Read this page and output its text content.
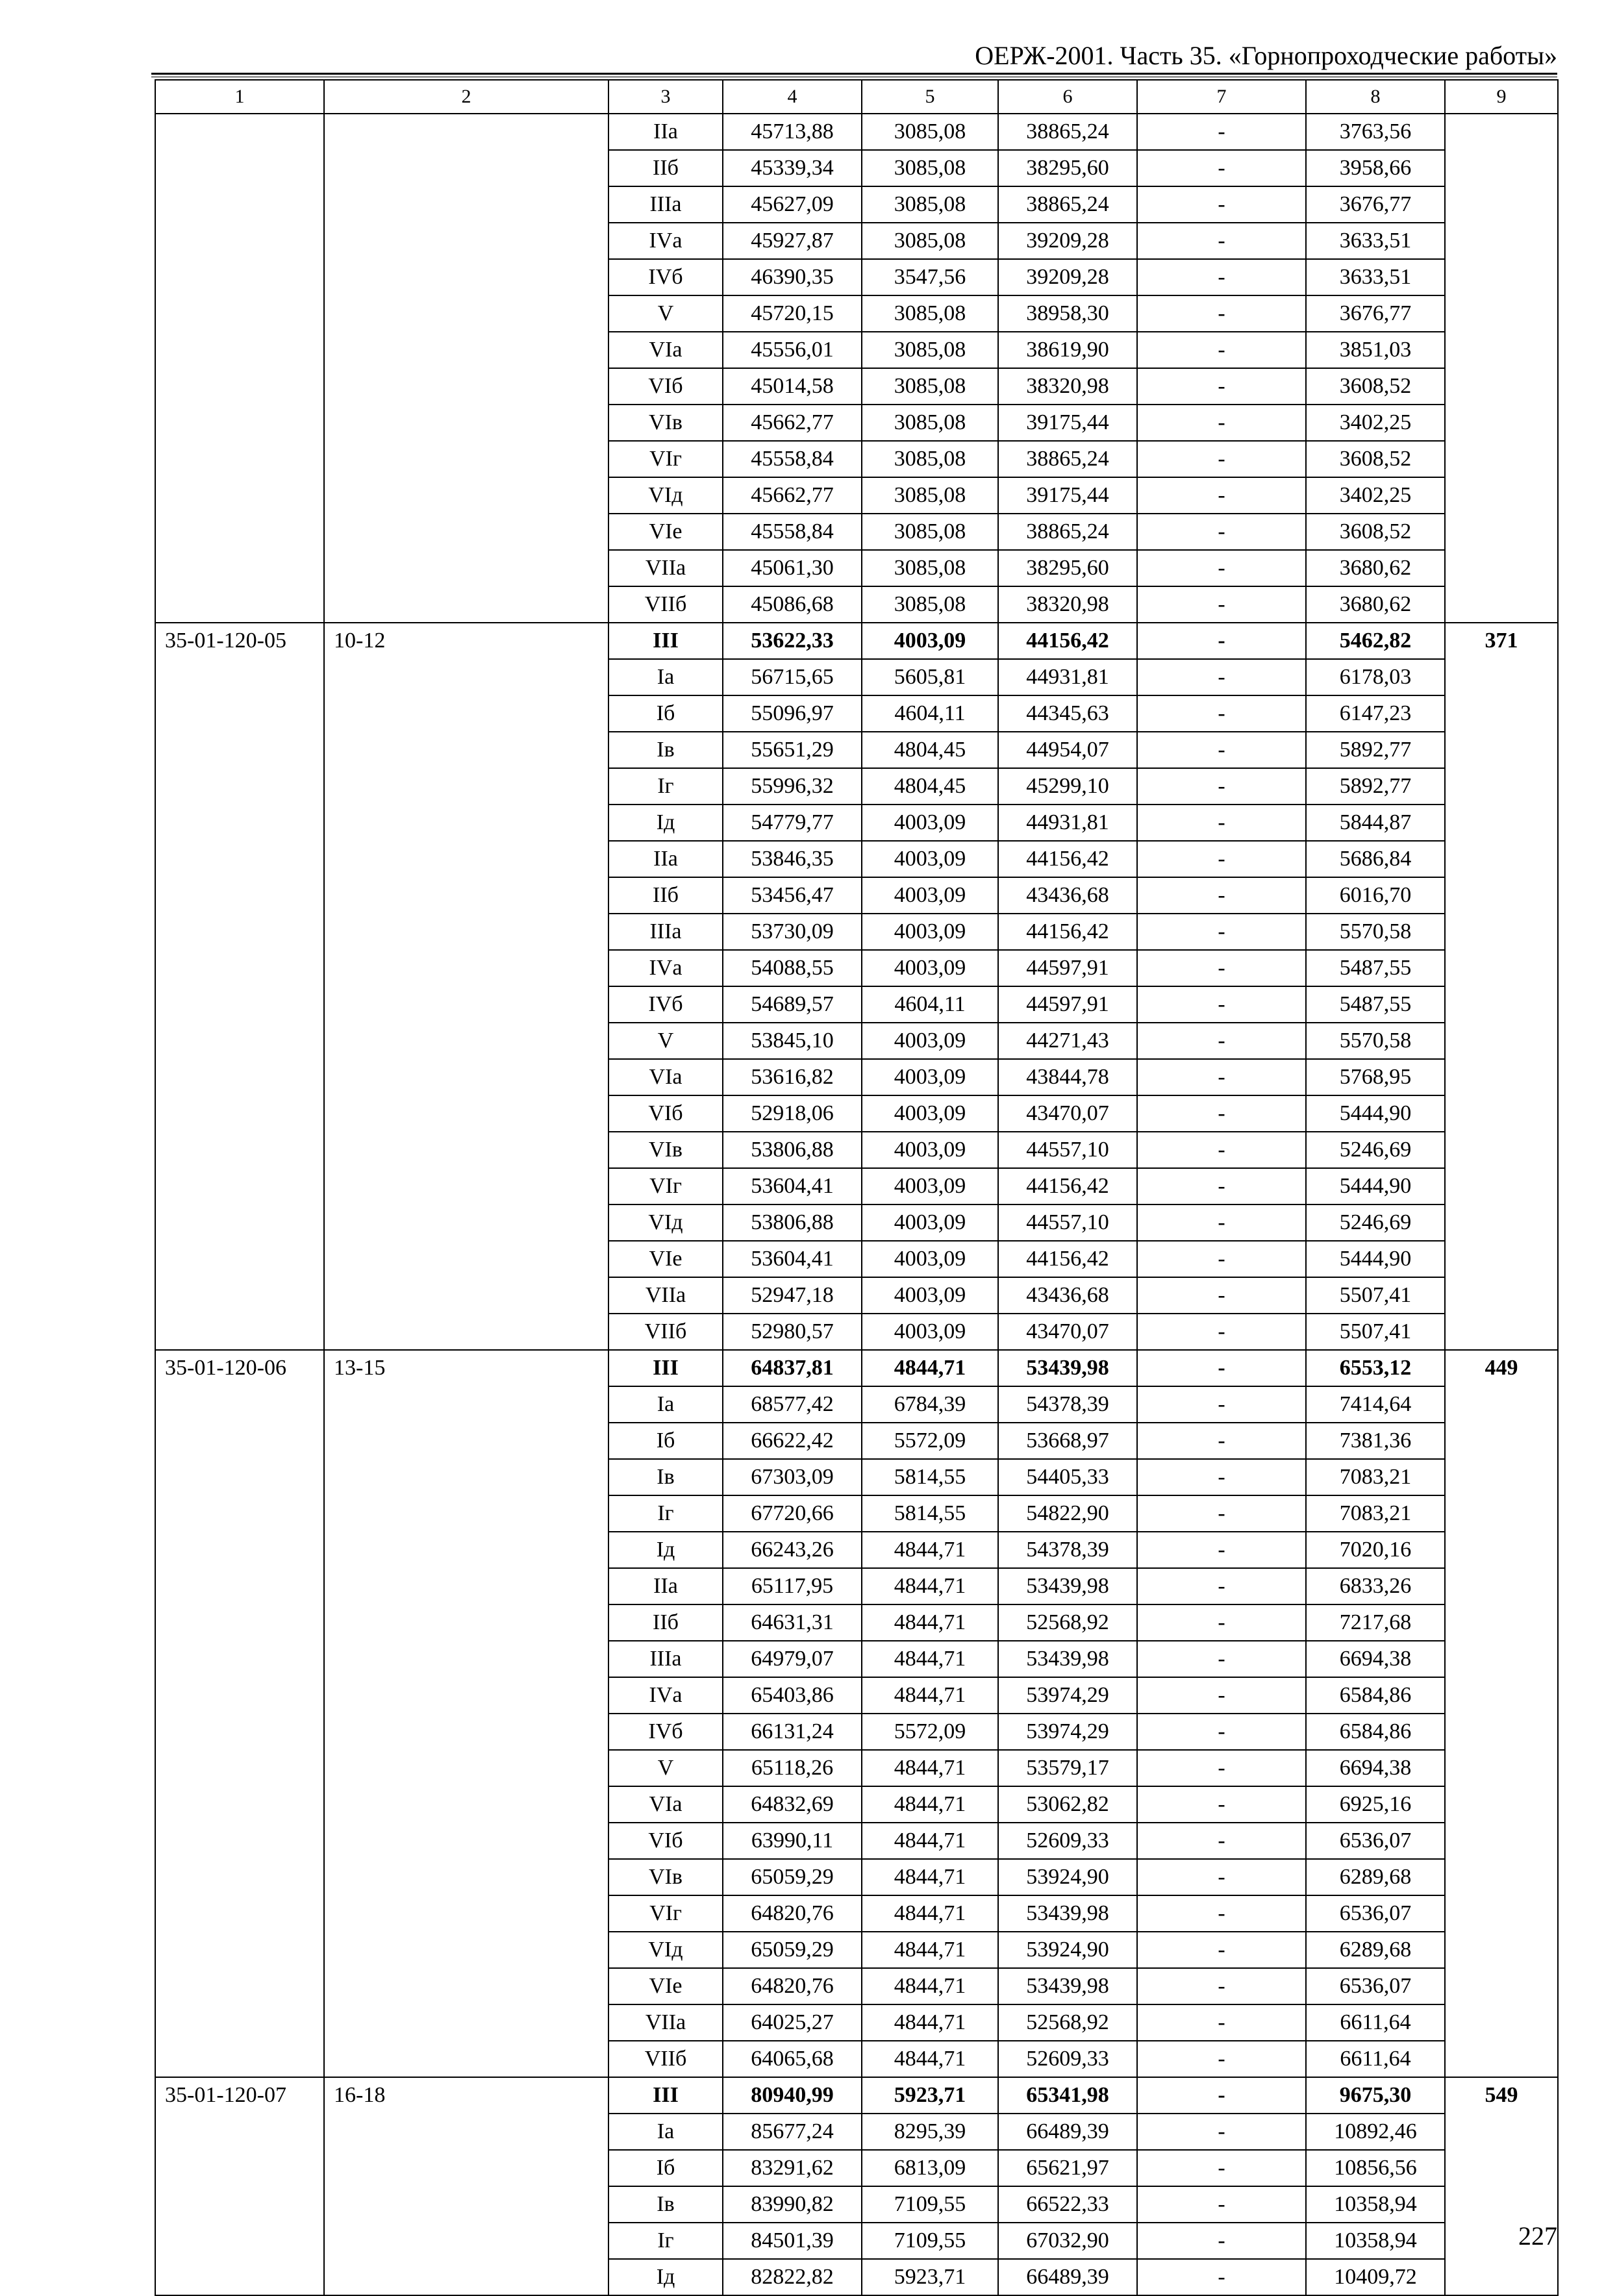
ОЕРЖ-2001. Часть 35. «Горнопроходческие работы»
1	2	3	4	5	6	7	8	9
		IIа	45713,88	3085,08	38865,24	-	3763,56	
		IIб	45339,34	3085,08	38295,60	-	3958,66	
		IIIа	45627,09	3085,08	38865,24	-	3676,77	
		IVа	45927,87	3085,08	39209,28	-	3633,51	
		IVб	46390,35	3547,56	39209,28	-	3633,51	
		V	45720,15	3085,08	38958,30	-	3676,77	
		VIа	45556,01	3085,08	38619,90	-	3851,03	
		VIб	45014,58	3085,08	38320,98	-	3608,52	
		VIв	45662,77	3085,08	39175,44	-	3402,25	
		VIг	45558,84	3085,08	38865,24	-	3608,52	
		VIд	45662,77	3085,08	39175,44	-	3402,25	
		VIе	45558,84	3085,08	38865,24	-	3608,52	
		VIIа	45061,30	3085,08	38295,60	-	3680,62	
		VIIб	45086,68	3085,08	38320,98	-	3680,62	
35-01-120-05	10-12	III	53622,33	4003,09	44156,42	-	5462,82	371
		Iа	56715,65	5605,81	44931,81	-	6178,03	
		Iб	55096,97	4604,11	44345,63	-	6147,23	
		Iв	55651,29	4804,45	44954,07	-	5892,77	
		Iг	55996,32	4804,45	45299,10	-	5892,77	
		Iд	54779,77	4003,09	44931,81	-	5844,87	
		IIа	53846,35	4003,09	44156,42	-	5686,84	
		IIб	53456,47	4003,09	43436,68	-	6016,70	
		IIIа	53730,09	4003,09	44156,42	-	5570,58	
		IVа	54088,55	4003,09	44597,91	-	5487,55	
		IVб	54689,57	4604,11	44597,91	-	5487,55	
		V	53845,10	4003,09	44271,43	-	5570,58	
		VIа	53616,82	4003,09	43844,78	-	5768,95	
		VIб	52918,06	4003,09	43470,07	-	5444,90	
		VIв	53806,88	4003,09	44557,10	-	5246,69	
		VIг	53604,41	4003,09	44156,42	-	5444,90	
		VIд	53806,88	4003,09	44557,10	-	5246,69	
		VIе	53604,41	4003,09	44156,42	-	5444,90	
		VIIа	52947,18	4003,09	43436,68	-	5507,41	
		VIIб	52980,57	4003,09	43470,07	-	5507,41	
35-01-120-06	13-15	III	64837,81	4844,71	53439,98	-	6553,12	449
		Iа	68577,42	6784,39	54378,39	-	7414,64	
		Iб	66622,42	5572,09	53668,97	-	7381,36	
		Iв	67303,09	5814,55	54405,33	-	7083,21	
		Iг	67720,66	5814,55	54822,90	-	7083,21	
		Iд	66243,26	4844,71	54378,39	-	7020,16	
		IIа	65117,95	4844,71	53439,98	-	6833,26	
		IIб	64631,31	4844,71	52568,92	-	7217,68	
		IIIа	64979,07	4844,71	53439,98	-	6694,38	
		IVа	65403,86	4844,71	53974,29	-	6584,86	
		IVб	66131,24	5572,09	53974,29	-	6584,86	
		V	65118,26	4844,71	53579,17	-	6694,38	
		VIа	64832,69	4844,71	53062,82	-	6925,16	
		VIб	63990,11	4844,71	52609,33	-	6536,07	
		VIв	65059,29	4844,71	53924,90	-	6289,68	
		VIг	64820,76	4844,71	53439,98	-	6536,07	
		VIд	65059,29	4844,71	53924,90	-	6289,68	
		VIе	64820,76	4844,71	53439,98	-	6536,07	
		VIIа	64025,27	4844,71	52568,92	-	6611,64	
		VIIб	64065,68	4844,71	52609,33	-	6611,64	
35-01-120-07	16-18	III	80940,99	5923,71	65341,98	-	9675,30	549
		Iа	85677,24	8295,39	66489,39	-	10892,46	
		Iб	83291,62	6813,09	65621,97	-	10856,56	
		Iв	83990,82	7109,55	66522,33	-	10358,94	
		Iг	84501,39	7109,55	67032,90	-	10358,94	
		Iд	82822,82	5923,71	66489,39	-	10409,72	
227
